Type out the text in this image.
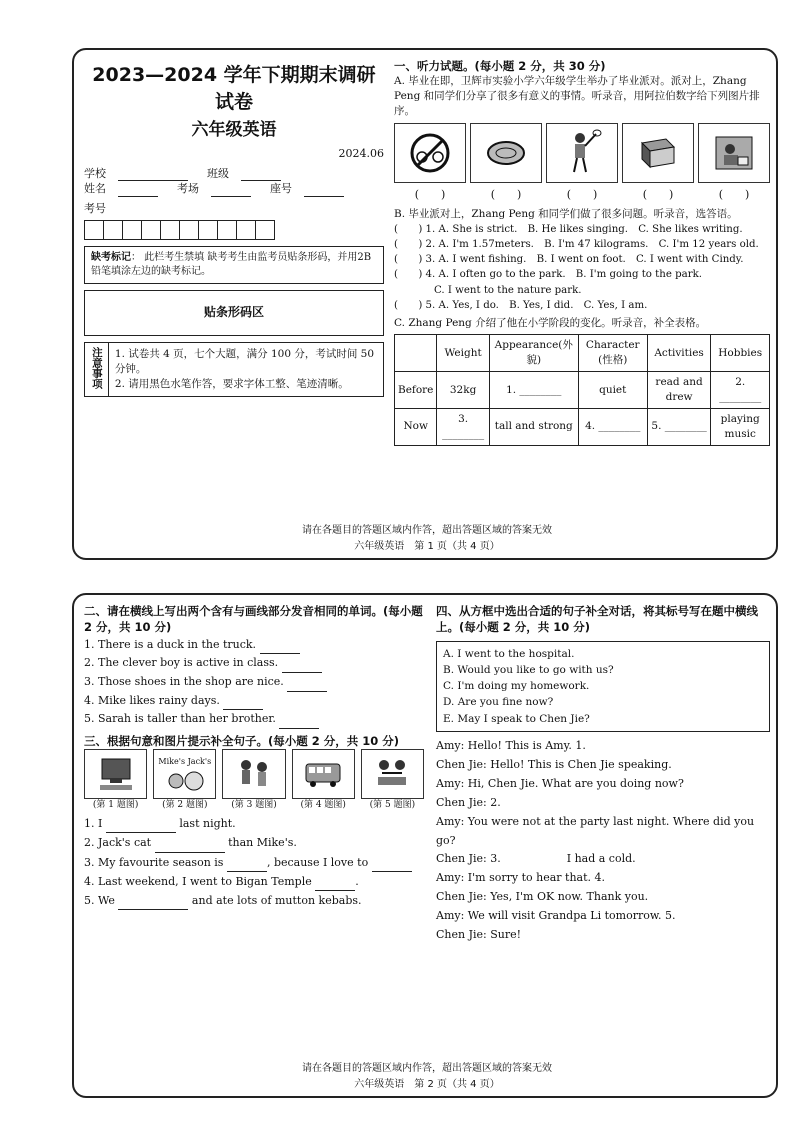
2023—2024 学年下期期末调研试卷
六年级英语
2024.06
学校	班级
姓名	考场	座号
考号
缺考标记： 此栏考生禁填 缺考考生由监考员贴条形码，并用2B铅笔填涂左边的缺考标记。
贴条形码区
注意事项	1. 试卷共 4 页，七个大题，满分 100 分，考试时间 50 分钟。
2. 请用黑色水笔作答，要求字体工整、笔迹清晰。
一、听力试题。(每小题 2 分，共 30 分)
A. 毕业在即，卫辉市实验小学六年级学生举办了毕业派对。派对上，Zhang Peng 和同学们分享了很多有意义的事情。听录音，用阿拉伯数字给下列图片排序。
(　　)	(　　)	(　　)	(　　)	(　　)
B. 毕业派对上，Zhang Peng 和同学们做了很多问题。听录音，选答语。
(　　) 1. A. She is strict.　 B. He likes singing.　 C. She likes writing.
(　　) 2. A. I'm 1.57meters.　 B. I'm 47 kilograms.　 C. I'm 12 years old.
(　　) 3. A. I went fishing.　 B. I went on foot.　 C. I went with Cindy.
(　　) 4. A. I often go to the park.　 B. I'm going to the park.
C. I went to the nature park.
(　　) 5. A. Yes, I do.　 B. Yes, I did.　 C. Yes, I am.
C. Zhang Peng 介绍了他在小学阶段的变化。听录音，补全表格。
	Weight	Appearance(外貌)	Character (性格)	Activities	Hobbies
Before	32kg	1. ________	quiet	read and drew	2. ________
Now	3. ________	tall and strong	4. ________	5. ________	playing music
请在各题目的答题区域内作答，超出答题区域的答案无效
六年级英语　第 1 页（共 4 页）
二、请在横线上写出两个含有与画线部分发音相同的单词。(每小题 2 分，共 10 分)
1. There is a duck in the truck.
2. The clever boy is active in class.
3. Those shoes in the shop are nice.
4. Mike likes rainy days.
5. Sarah is taller than her brother.
三、根据句意和图片提示补全句子。(每小题 2 分，共 10 分)
(第 1 题图)
Mike's Jack's
(第 2 题图)	(第 3 题图)	(第 4 题图)	(第 5 题图)
1. I	last night.
2. Jack's cat	than Mike's.
3. My favourite season is	, because I love to
4. Last weekend, I went to Bigan Temple	.
5. We	and ate lots of mutton kebabs.
四、从方框中选出合适的句子补全对话，将其标号写在题中横线上。(每小题 2 分，共 10 分)
A. I went to the hospital.
B. Would you like to go with us?
C. I'm doing my homework.
D. Are you fine now?
E. May I speak to Chen Jie?
Amy: Hello! This is Amy. 1.
Chen Jie: Hello! This is Chen Jie speaking.
Amy: Hi, Chen Jie. What are you doing now?
Chen Jie: 2.
Amy: You were not at the party last night. Where did you go?
Chen Jie: 3.　　　　　　I had a cold.
Amy: I'm sorry to hear that. 4.
Chen Jie: Yes, I'm OK now. Thank you.
Amy: We will visit Grandpa Li tomorrow. 5.
Chen Jie: Sure!
请在各题目的答题区域内作答，超出答题区域的答案无效
六年级英语　第 2 页（共 4 页）
